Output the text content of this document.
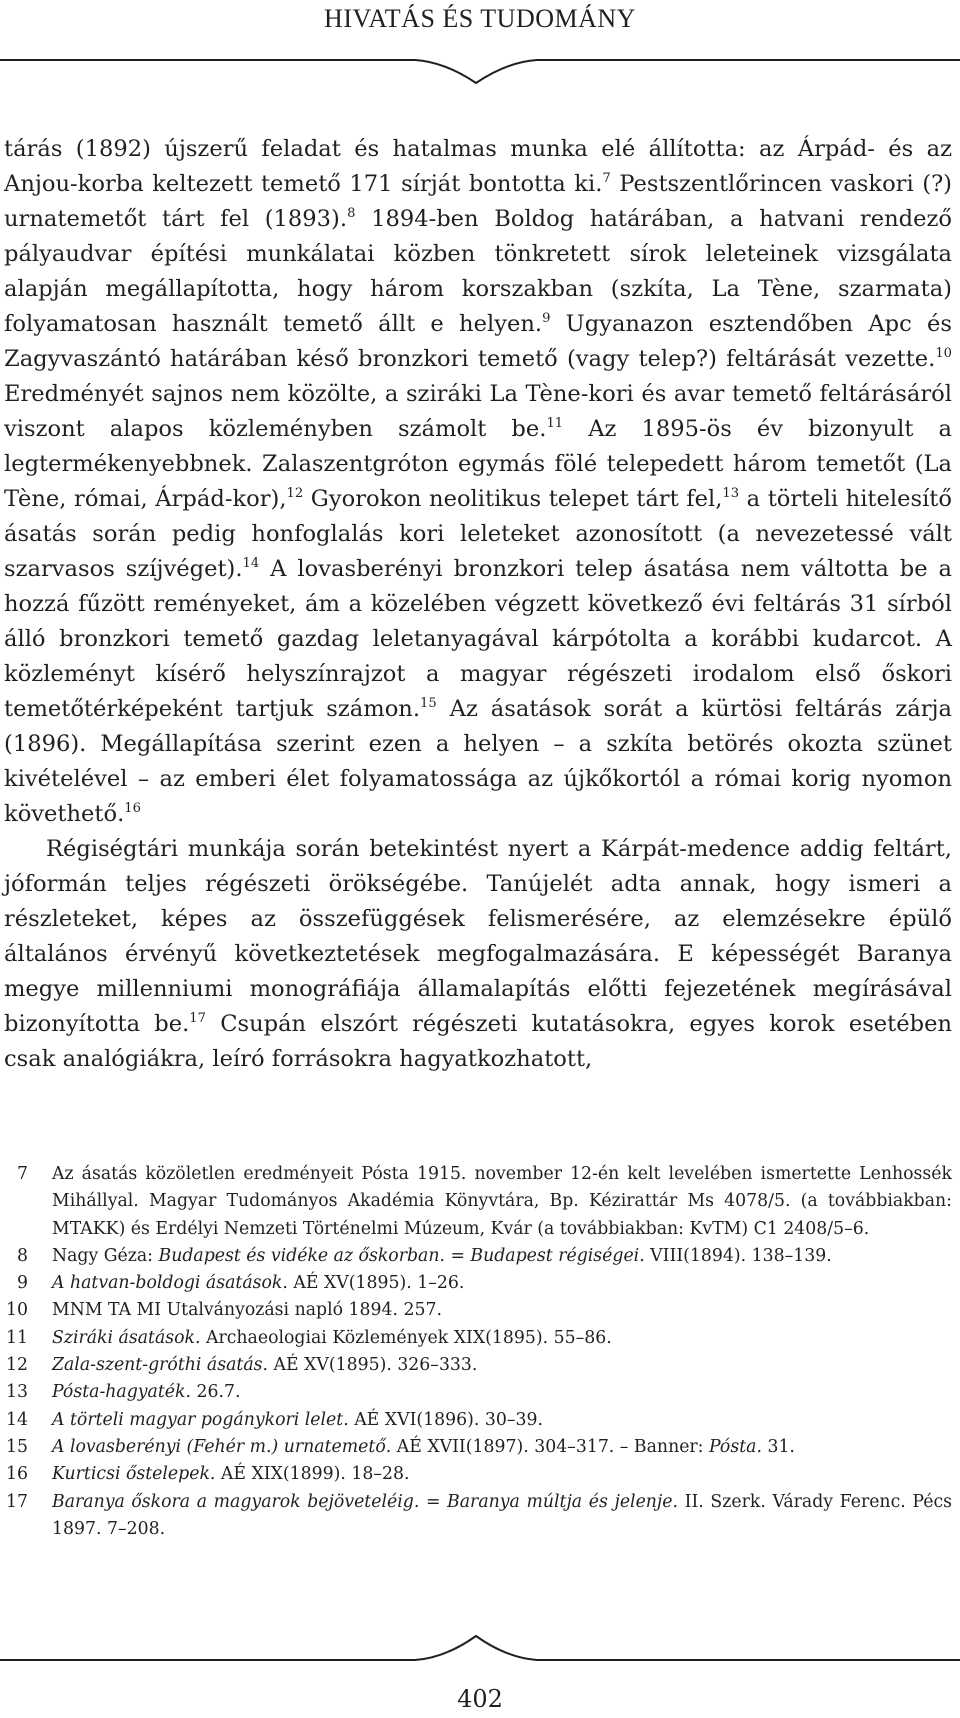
HIVATÁS ÉS TUDOMÁNY

tárás (1892) újszerű feladat és hatalmas munka elé állította: az Árpád- és az Anjou-korba keltezett temető 171 sírját bontotta ki.$^7$ Pestszentlőrincen vaskori (?) urnatemetőt tárt fel (1893).$^8$ 1894-ben Boldog határában, a hatvani rendező pályaudvar építési munkálatai közben tönkretett sírok leleteinek vizsgálata alapján megállapította, hogy három korszakban (szkíta, La Tène, szarmata) folyamatosan használt temető állt e helyen.$^9$ Ugyanazon esztendőben Apc és Zagyvaszántó határában késő bronzkori temető (vagy telep?) feltárását vezette.$^{10}$ Eredményét sajnos nem közölte, a sziráki La Tène-kori és avar temető feltárásáról viszont alapos közleményben számolt be.$^{11}$ Az 1895-ös év bizonyult a legtermékenyebbnek. Zalaszentgróton egymás fölé telepedett három temetőt (La Tène, római, Árpád-kor),$^{12}$ Gyorokon neolitikus telepet tárt fel,$^{13}$ a törteli hitelesítő ásatás során pedig honfoglalás kori leleteket azonosított (a nevezetessé vált szarvasos szíjvéget).$^{14}$ A lovasberényi bronzkori telep ásatása nem váltotta be a hozzá fűzött reményeket, ám a közelében végzett következő évi feltárás 31 sírból álló bronzkori temető gazdag leletanyagával kárpótolta a korábbi kudarcot. A közleményt kísérő helyszínrajzot a magyar régészeti irodalom első őskori temetőtérképeként tartjuk számon.$^{15}$ Az ásatások sorát a kürtösi feltárás zárja (1896). Megállapítása szerint ezen a helyen – a szkíta betörés okozta szünet kivételével – az emberi élet folyamatossága az újkőkortól a római korig nyomon követhető.$^{16}$

Régiségtári munkája során betekintést nyert a Kárpát-medence addig feltárt, jóformán teljes régészeti örökségébe. Tanújelét adta annak, hogy ismeri a részleteket, képes az összefüggések felismerésére, az elemzésekre épülő általános érvényű következtetések megfogalmazására. E képességét Baranya megye millenniumi monográfiája államalapítás előtti fejezetének megírásával bizonyította be.$^{17}$ Csupán elszórt régészeti kutatásokra, egyes korok esetében csak analógiákra, leíró forrásokra hagyatkozhatott,

7 Az ásatás közöletlen eredményeit Pósta 1915. november 12-én kelt levelében ismertette Lenhossék Mihállyal. Magyar Tudományos Akadémia Könyvtára, Bp. Kézirattár Ms 4078/5. (a továbbiakban: MTAKK) és Erdélyi Nemzeti Történelmi Múzeum, Kvár (a továbbiakban: KvTM) C1 2408/5–6.
8 Nagy Géza: Budapest és vidéke az őskorban. = Budapest régiségei. VIII(1894). 138–139.
9 A hatvan-boldogi ásatások. AÉ XV(1895). 1–26.
10 MNM TA MI Utalványozási napló 1894. 257.
11 Sziráki ásatások. Archaeologiai Közlemények XIX(1895). 55–86.
12 Zala-szent-gróthi ásatás. AÉ XV(1895). 326–333.
13 Pósta-hagyaték. 26.7.
14 A törteli magyar pogánykori lelet. AÉ XVI(1896). 30–39.
15 A lovasberényi (Fehér m.) urnatemető. AÉ XVII(1897). 304–317. – Banner: Pósta. 31.
16 Kurticsi őstelepek. AÉ XIX(1899). 18–28.
17 Baranya őskora a magyarok bejöveteléig. = Baranya múltja és jelenje. II. Szerk. Várady Ferenc. Pécs 1897. 7–208.
402
